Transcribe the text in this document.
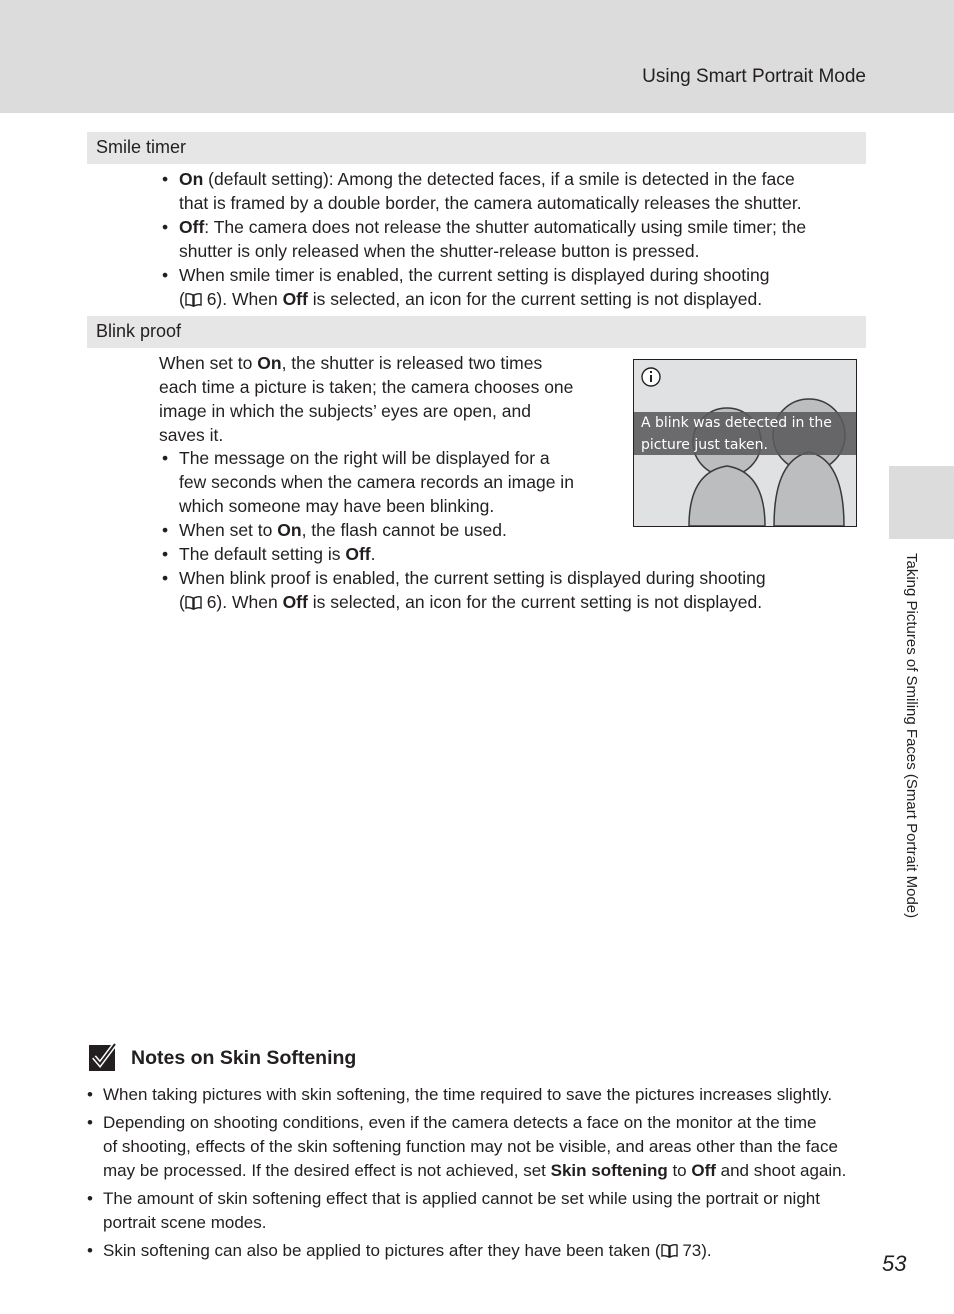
Using Smart Portrait Mode
Smile timer
• On (default setting): Among the detected faces, if a smile is detected in the face
that is framed by a double border, the camera automatically releases the shutter.
• Off: The camera does not release the shutter automatically using smile timer; the
shutter is only released when the shutter-release button is pressed.
• When smile timer is enabled, the current setting is displayed during shooting
( 6). When Off is selected, an icon for the current setting is not displayed.
Blink proof
When set to On, the shutter is released two times
each time a picture is taken; the camera chooses one
image in which the subjects’ eyes are open, and
saves it.
• The message on the right will be displayed for a
few seconds when the camera records an image in
which someone may have been blinking.
• When set to On, the flash cannot be used.
• The default setting is Off.
• When blink proof is enabled, the current setting is displayed during shooting
( 6). When Off is selected, an icon for the current setting is not displayed.
A blink was detected in the
picture just taken.
Taking Pictures of Smiling Faces (Smart Portrait Mode)
Notes on Skin Softening
• When taking pictures with skin softening, the time required to save the pictures increases slightly.
• Depending on shooting conditions, even if the camera detects a face on the monitor at the time
of shooting, effects of the skin softening function may not be visible, and areas other than the face
may be processed. If the desired effect is not achieved, set Skin softening to Off and shoot again.
• The amount of skin softening effect that is applied cannot be set while using the portrait or night
portrait scene modes.
• Skin softening can also be applied to pictures after they have been taken ( 73).
53
